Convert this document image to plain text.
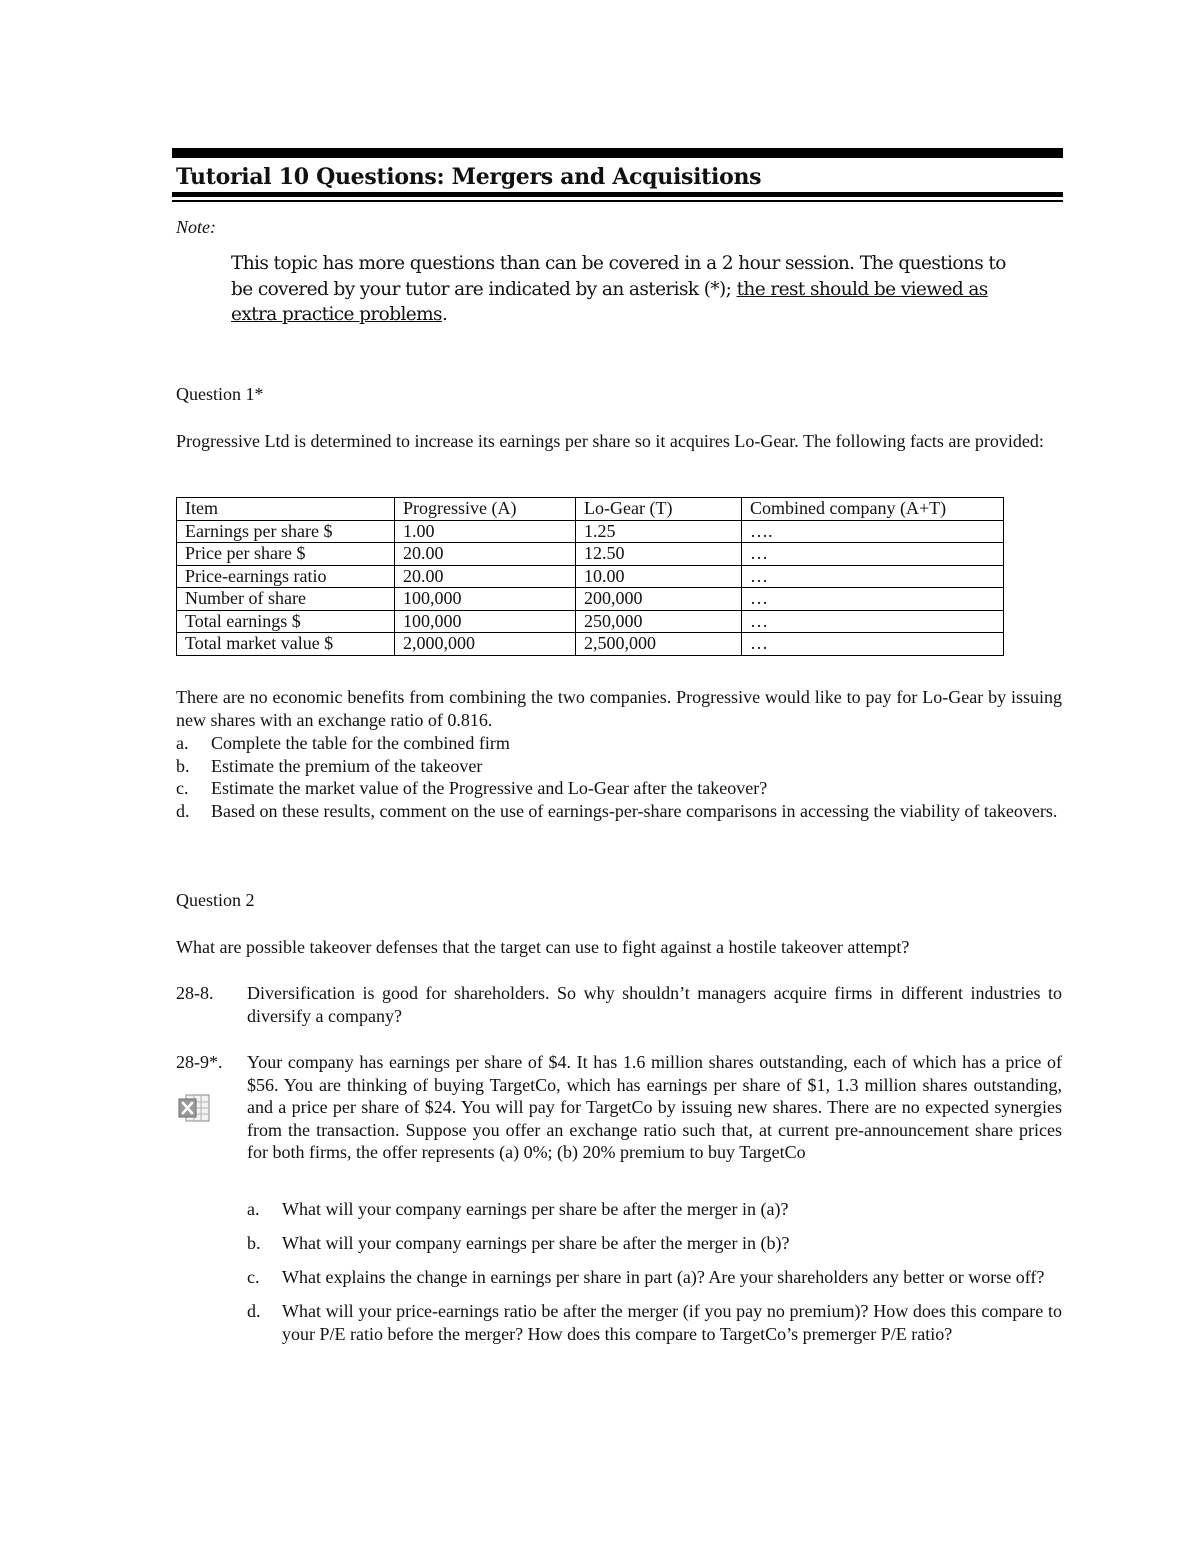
Tutorial 10 Questions: Mergers and Acquisitions
Note:
This topic has more questions than can be covered in a 2 hour session. The questions to be covered by your tutor are indicated by an asterisk (*); the rest should be viewed as extra practice problems.
Question 1*
Progressive Ltd is determined to increase its earnings per share so it acquires Lo-Gear. The following facts are provided:
Item	Progressive (A)	Lo-Gear (T)	Combined company (A+T)
Earnings per share $	1.00	1.25	….
Price per share $	20.00	12.50	…
Price-earnings ratio	20.00	10.00	…
Number of share	100,000	200,000	…
Total earnings $	100,000	250,000	…
Total market value $	2,000,000	2,500,000	…
There are no economic benefits from combining the two companies. Progressive would like to pay for Lo-Gear by issuing new shares with an exchange ratio of 0.816.
a. Complete the table for the combined firm
b. Estimate the premium of the takeover
c. Estimate the market value of the Progressive and Lo-Gear after the takeover?
d. Based on these results, comment on the use of earnings-per-share comparisons in accessing the viability of takeovers.
Question 2
What are possible takeover defenses that the target can use to fight against a hostile takeover attempt?
28-8. Diversification is good for shareholders. So why shouldn’t managers acquire firms in different industries to diversify a company?
28-9*. Your company has earnings per share of $4. It has 1.6 million shares outstanding, each of which has a price of $56. You are thinking of buying TargetCo, which has earnings per share of $1, 1.3 million shares outstanding, and a price per share of $24. You will pay for TargetCo by issuing new shares. There are no expected synergies from the transaction. Suppose you offer an exchange ratio such that, at current pre-announcement share prices for both firms, the offer represents (a) 0%; (b) 20% premium to buy TargetCo
a. What will your company earnings per share be after the merger in (a)?
b. What will your company earnings per share be after the merger in (b)?
c. What explains the change in earnings per share in part (a)? Are your shareholders any better or worse off?
d. What will your price-earnings ratio be after the merger (if you pay no premium)? How does this compare to your P/E ratio before the merger? How does this compare to TargetCo’s premerger P/E ratio?
